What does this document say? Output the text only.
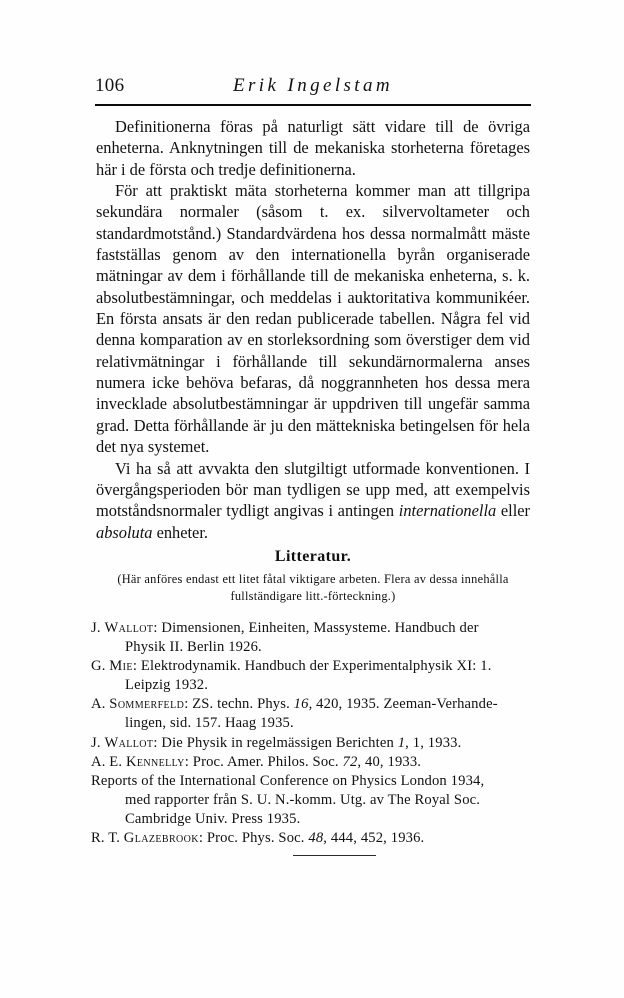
106	Erik Ingelstam

Definitionerna föras på naturligt sätt vidare till de övriga enheterna. Anknytningen till de mekaniska storheterna företages här i de första och tredje definitionerna.

För att praktiskt mäta storheterna kommer man att tillgripa sekundära normaler (såsom t. ex. silvervoltameter och standardmotstånd.) Standardvärdena hos dessa normalmått mäste fastställas genom av den internationella byrån organiserade mätningar av dem i förhållande till de mekaniska enheterna, s. k. absolutbestämningar, och meddelas i auktoritativa kommunikéer. En första ansats är den redan publicerade tabellen. Några fel vid denna komparation av en storleksordning som överstiger dem vid relativmätningar i förhållande till sekundärnormalerna anses numera icke behöva befaras, då noggrannheten hos dessa mera invecklade absolutbestämningar är uppdriven till ungefär samma grad. Detta förhållande är ju den mättekniska betingelsen för hela det nya systemet.

Vi ha så att avvakta den slutgiltigt utformade konventionen. I övergångsperioden bör man tydligen se upp med, att exempelvis motståndsnormaler tydligt angivas i antingen internationella eller absoluta enheter.

Litteratur.
(Här anföres endast ett litet fåtal viktigare arbeten. Flera av dessa innehålla
fullständigare litt.-förteckning.)

J. Wallot: Dimensionen, Einheiten, Massysteme. Handbuch der
Physik II. Berlin 1926.

G. Mie: Elektrodynamik. Handbuch der Experimentalphysik XI: 1.
Leipzig 1932.

A. Sommerfeld: ZS. techn. Phys. 16, 420, 1935. Zeeman-Verhande-
lingen, sid. 157. Haag 1935.

J. Wallot: Die Physik in regelmässigen Berichten 1, 1, 1933.

A. E. Kennelly: Proc. Amer. Philos. Soc. 72, 40, 1933.

Reports of the International Conference on Physics London 1934,
med rapporter från S. U. N.-komm. Utg. av The Royal Soc.
Cambridge Univ. Press 1935.

R. T. Glazebrook: Proc. Phys. Soc. 48, 444, 452, 1936.
